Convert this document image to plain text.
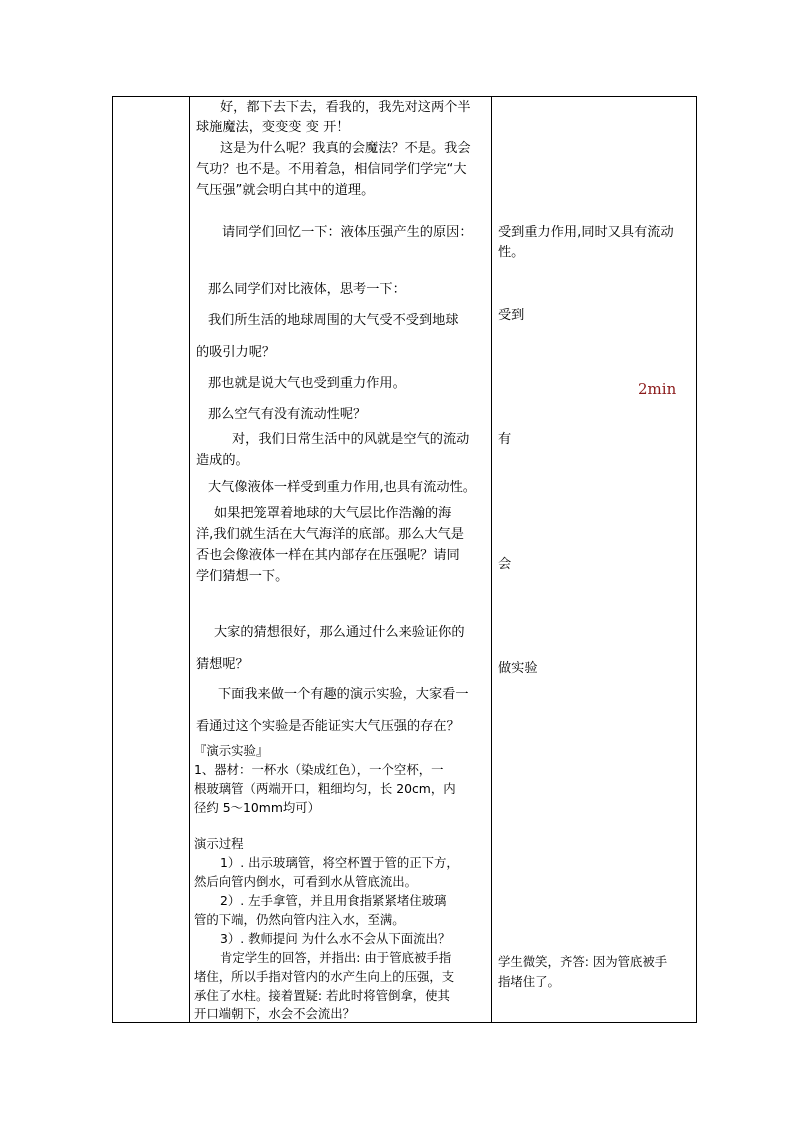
好，都下去下去，看我的，我先对这两个半
球施魔法，变变变 变 开！
这是为什么呢？我真的会魔法？不是。我会
气功？也不是。不用着急，相信同学们学完“大
气压强”就会明白其中的道理。
请同学们回忆一下：液体压强产生的原因：
那么同学们对比液体，思考一下：
我们所生活的地球周围的大气受不受到地球
的吸引力呢？
那也就是说大气也受到重力作用。
那么空气有没有流动性呢？
对，我们日常生活中的风就是空气的流动
造成的。
大气像液体一样受到重力作用,也具有流动性。
如果把笼罩着地球的大气层比作浩瀚的海
洋,我们就生活在大气海洋的底部。那么大气是
否也会像液体一样在其内部存在压强呢？请同
学们猜想一下。
大家的猜想很好，那么通过什么来验证你的
猜想呢？
下面我来做一个有趣的演示实验，大家看一
看通过这个实验是否能证实大气压强的存在？
『演示实验』
1、器材：一杯水（染成红色），一个空杯，一
根玻璃管（两端开口，粗细均匀，长 20cm，内
径约 5～10mm均可）
演示过程
1）. 出示玻璃管，将空杯置于管的正下方，
然后向管内倒水，可看到水从管底流出。
2）. 左手拿管，并且用食指紧紧堵住玻璃
管的下端，仍然向管内注入水，至满。
3）. 教师提问 为什么水不会从下面流出？
肯定学生的回答，并指出: 由于管底被手指
堵住，所以手指对管内的水产生向上的压强，支
承住了水柱。接着置疑: 若此时将管倒拿，使其
开口端朝下，水会不会流出？
受到重力作用,同时又具有流动
性。
受到
有
会
做实验
学生微笑，齐答: 因为管底被手
指堵住了。
2min
